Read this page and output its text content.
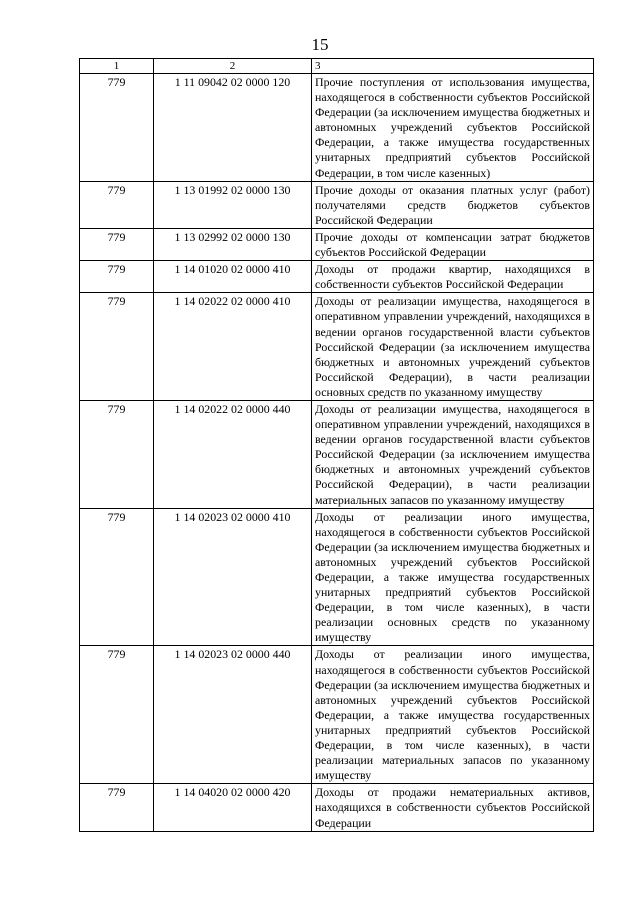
15
1	2	3
779	1 11 09042 02 0000 120	Прочие поступления от использования имущества, находящегося в собственности субъектов Российской Федерации (за исключением имущества бюджетных и автономных учреждений субъектов Российской Федерации, а также имущества государственных унитарных предприятий субъектов Российской Федерации, в том числе казенных)
779	1 13 01992 02 0000 130	Прочие доходы от оказания платных услуг (работ) получателями средств бюджетов субъектов Российской Федерации
779	1 13 02992 02 0000 130	Прочие доходы от компенсации затрат бюджетов субъектов Российской Федерации
779	1 14 01020 02 0000 410	Доходы от продажи квартир, находящихся в собственности субъектов Российской Федерации
779	1 14 02022 02 0000 410	Доходы от реализации имущества, находящегося в оперативном управлении учреждений, находящихся в ведении органов государственной власти субъектов Российской Федерации (за исключением имущества бюджетных и автономных учреждений субъектов Российской Федерации), в части реализации основных средств по указанному имуществу
779	1 14 02022 02 0000 440	Доходы от реализации имущества, находящегося в оперативном управлении учреждений, находящихся в ведении органов государственной власти субъектов Российской Федерации (за исключением имущества бюджетных и автономных учреждений субъектов Российской Федерации), в части реализации материальных запасов по указанному имуществу
779	1 14 02023 02 0000 410	Доходы от реализации иного имущества, находящегося в собственности субъектов Российской Федерации (за исключением имущества бюджетных и автономных учреждений субъектов Российской Федерации, а также имущества государственных унитарных предприятий субъектов Российской Федерации, в том числе казенных), в части реализации основных средств по указанному имуществу
779	1 14 02023 02 0000 440	Доходы от реализации иного имущества, находящегося в собственности субъектов Российской Федерации (за исключением имущества бюджетных и автономных учреждений субъектов Российской Федерации, а также имущества государственных унитарных предприятий субъектов Российской Федерации, в том числе казенных), в части реализации материальных запасов по указанному имуществу
779	1 14 04020 02 0000 420	Доходы от продажи нематериальных активов, находящихся в собственности субъектов Российской Федерации
